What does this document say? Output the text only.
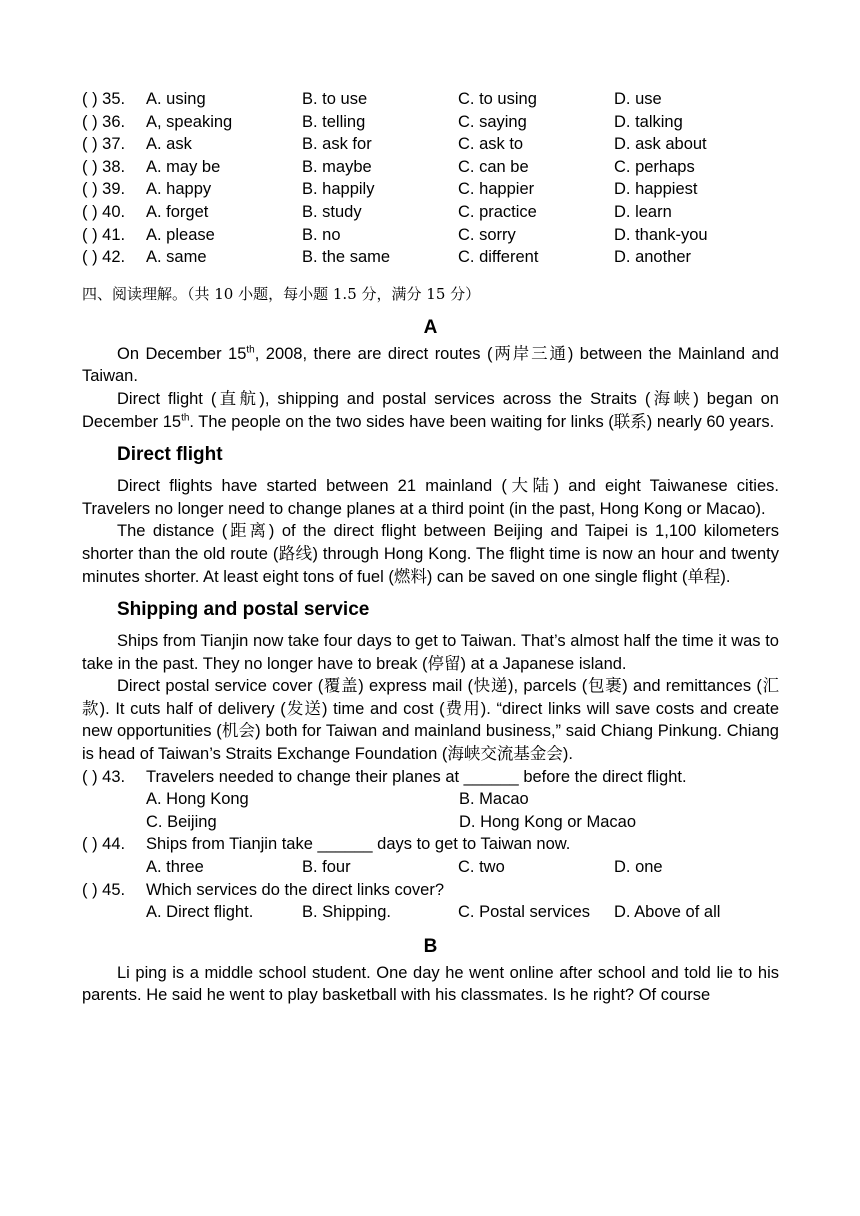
( ) 35.	A. using	B. to use	C. to using	D. use
( ) 36.	A, speaking	B. telling	C. saying	D. talking
( ) 37.	A. ask	B. ask for	C. ask to	D. ask about
( ) 38.	A. may be	B. maybe	C. can be	C. perhaps
( ) 39.	A. happy	B. happily	C. happier	D. happiest
( ) 40.	A. forget	B. study	C. practice	D. learn
( ) 41.	A. please	B. no	C. sorry	D. thank-you
( ) 42.	A. same	B. the same	C. different	D. another
四、阅读理解。（共 10 小题，每小题 1.5 分，满分 15 分）
A

On December 15th, 2008, there are direct routes (两岸三通) between the Mainland and Taiwan.

Direct flight (直航), shipping and postal services across the Straits (海峡) began on December 15th. The people on the two sides have been waiting for links (联系) nearly 60 years.

Direct flight

Direct flights have started between 21 mainland (大陆) and eight Taiwanese cities. Travelers no longer need to change planes at a third point (in the past, Hong Kong or Macao).

The distance (距离) of the direct flight between Beijing and Taipei is 1,100 kilometers shorter than the old route (路线) through Hong Kong. The flight time is now an hour and twenty minutes shorter. At least eight tons of fuel (燃料) can be saved on one single flight (单程).

Shipping and postal service

Ships from Tianjin now take four days to get to Taiwan. That’s almost half the time it was to take in the past. They no longer have to break (停留) at a Japanese island.

Direct postal service cover (覆盖) express mail (快递), parcels (包裹) and remittances (汇款). It cuts half of delivery (发送) time and cost (费用). “direct links will save costs and create new opportunities (机会) both for Taiwan and mainland business,” said Chiang Pinkung. Chiang is head of Taiwan’s Straits Exchange Foundation (海峡交流基金会).

( ) 43.	Travelers needed to change their planes at ______ before the direct flight.
A. Hong Kong	B. Macao
C. Beijing	D. Hong Kong or Macao
( ) 44.	Ships from Tianjin take ______ days to get to Taiwan now.
A. three	B. four	C. two	D. one
( ) 45.	Which services do the direct links cover?
A. Direct flight.	B. Shipping.	C. Postal services	D. Above of all
B

Li ping is a middle school student. One day he went online after school and told lie to his parents. He said he went to play basketball with his classmates. Is he right? Of course
